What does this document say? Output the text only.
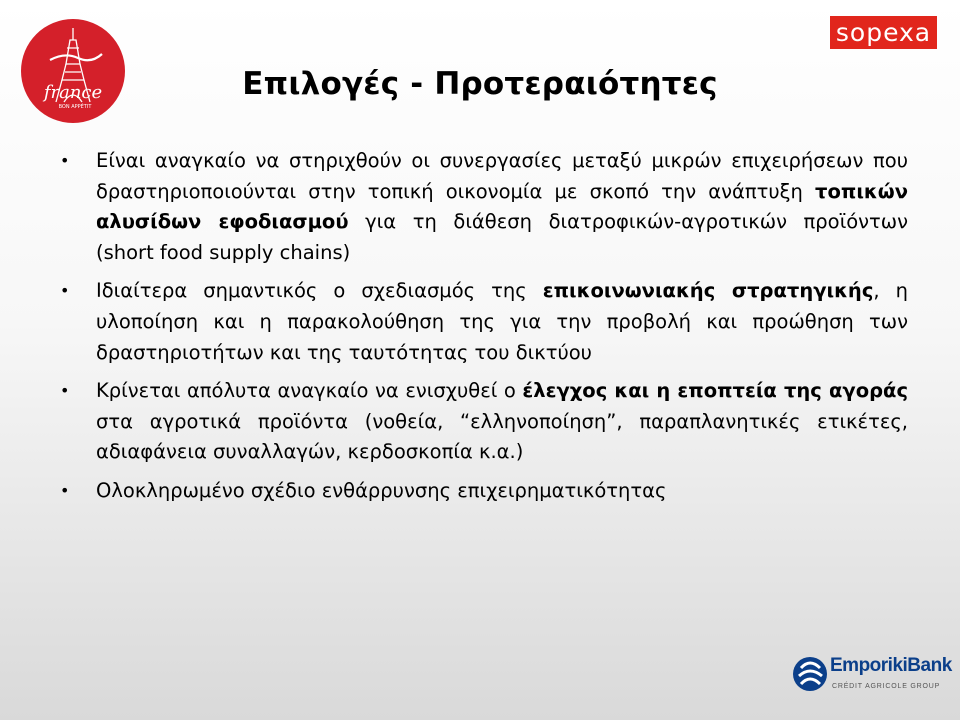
france
BON APPÉTIT
sopexa
Επιλογές - Προτεραιότητες
• Είναι αναγκαίο να στηριχθούν οι συνεργασίες μεταξύ μικρών επιχειρήσεων που δραστηριοποιούνται στην τοπική οικονομία με σκοπό την ανάπτυξη τοπικών αλυσίδων εφοδιασμού για τη διάθεση διατροφικών-αγροτικών προϊόντων (short food supply chains)
• Ιδιαίτερα σημαντικός ο σχεδιασμός της επικοινωνιακής στρατηγικής, η υλοποίηση και η παρακολούθηση της για την προβολή και προώθηση των δραστηριοτήτων και της ταυτότητας του δικτύου
• Κρίνεται απόλυτα αναγκαίο να ενισχυθεί ο έλεγχος και η εποπτεία της αγοράς στα αγροτικά προϊόντα (νοθεία, “ελληνοποίηση”, παραπλανητικές ετικέτες, αδιαφάνεια συναλλαγών, κερδοσκοπία κ.α.)
• Ολοκληρωμένο σχέδιο ενθάρρυνσης επιχειρηματικότητας
EmporikiBank
CRÉDIT AGRICOLE GROUP
